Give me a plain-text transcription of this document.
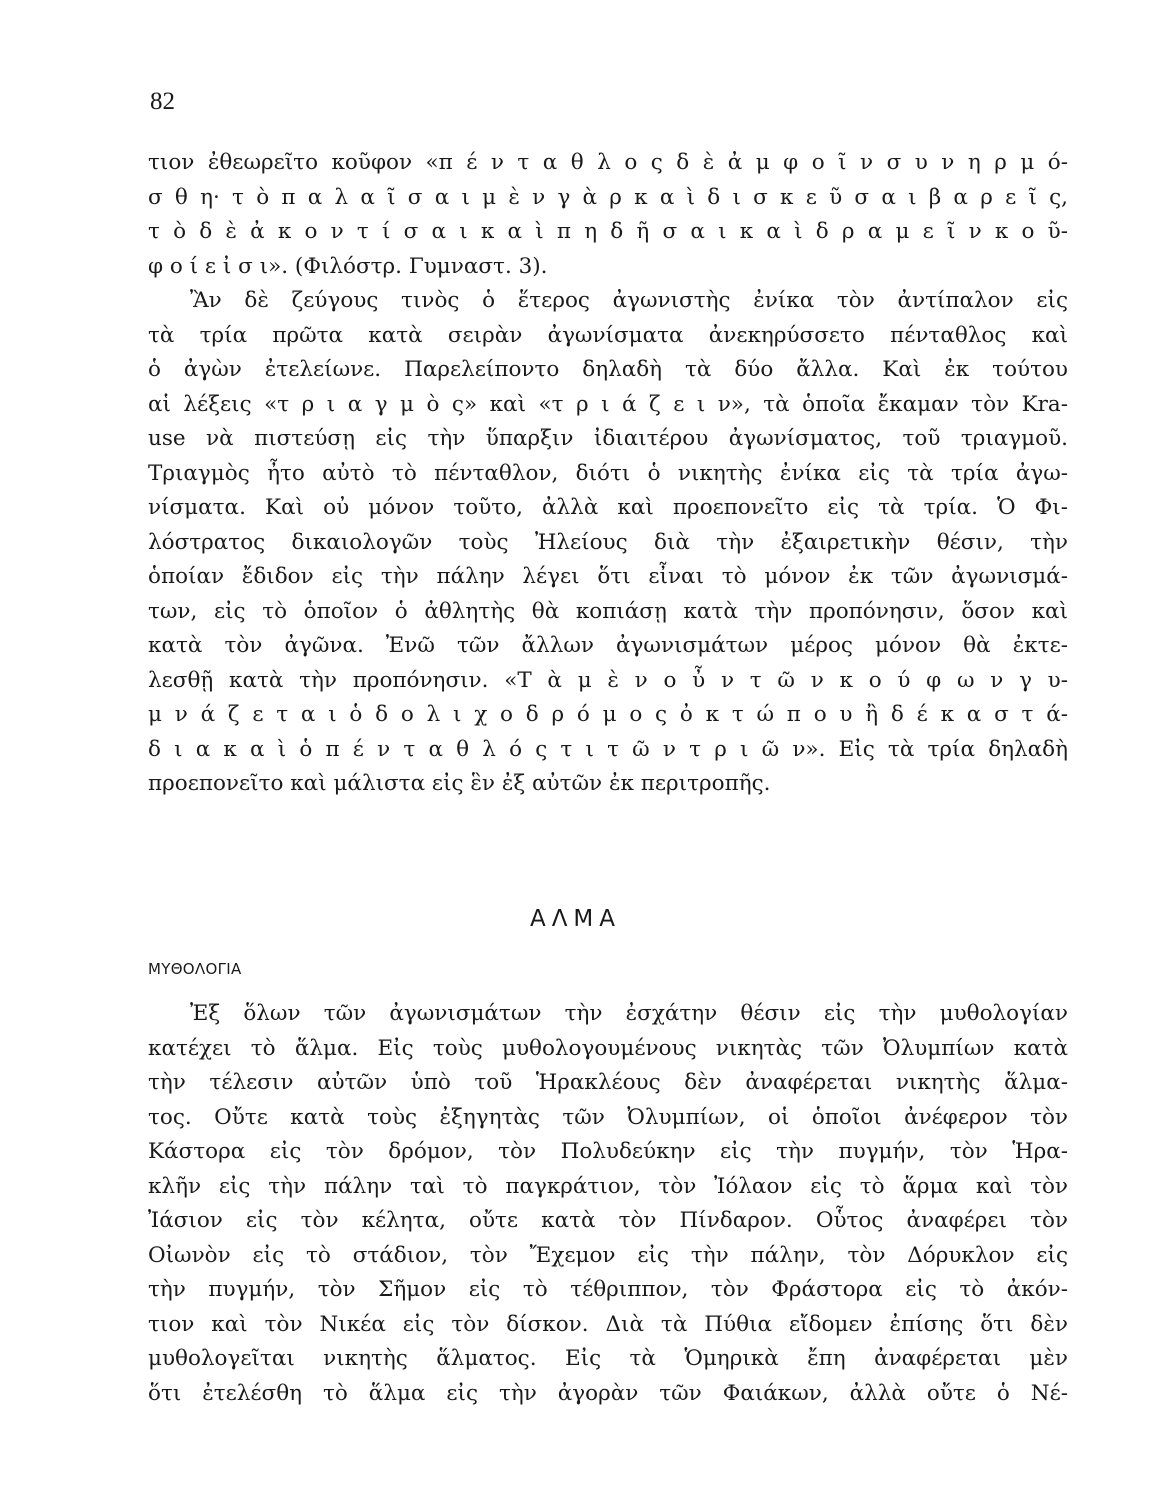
82
τιον ἐθεωρεῖτο κοῦφον «π έ ν τ α θ λ ο ς δ ὲ ἀ μ φ ο ῖ ν σ υ ν η ρ μ ό-
σ θ η· τ ὸ π α λ α ῖ σ α ι μ ὲ ν γ ὰ ρ κ α ὶ δ ι σ κ ε ῦ σ α ι β α ρ ε ῖ ς,
τ ὸ δ ὲ ἀ κ ο ν τ ί σ α ι κ α ὶ π η δ ῆ σ α ι κ α ὶ δ ρ α μ ε ῖ ν κ ο ῦ-
φ ο ί ε ἰ σ ι». (Φιλόστρ. Γυμναστ. 3).
Ἂν δὲ ζεύγους τινὸς ὁ ἕτερος ἀγωνιστὴς ἐνίκα τὸν ἀντίπαλον εἰς
τὰ τρία πρῶτα κατὰ σειρὰν ἀγωνίσματα ἀνεκηρύσσετο πένταθλος καὶ
ὁ ἀγὼν ἐτελείωνε. Παρελείποντο δηλαδὴ τὰ δύο ἄλλα. Καὶ ἐκ τούτου
αἱ λέξεις «τ ρ ι α γ μ ὸ ς» καὶ «τ ρ ι ά ζ ε ι ν», τὰ ὁποῖα ἔκαμαν τὸν Kra-
use νὰ πιστεύσῃ εἰς τὴν ὕπαρξιν ἰδιαιτέρου ἀγωνίσματος, τοῦ τριαγμοῦ.
Τριαγμὸς ἦτο αὐτὸ τὸ πένταθλον, διότι ὁ νικητὴς ἐνίκα εἰς τὰ τρία ἀγω-
νίσματα. Καὶ οὐ μόνον τοῦτο, ἀλλὰ καὶ προεπονεῖτο εἰς τὰ τρία. Ὁ Φι-
λόστρατος δικαιολογῶν τοὺς Ἠλείους διὰ τὴν ἐξαιρετικὴν θέσιν, τὴν
ὁποίαν ἔδιδον εἰς τὴν πάλην λέγει ὅτι εἶναι τὸ μόνον ἐκ τῶν ἀγωνισμά-
των, εἰς τὸ ὁποῖον ὁ ἀθλητὴς θὰ κοπιάσῃ κατὰ τὴν προπόνησιν, ὅσον καὶ
κατὰ τὸν ἀγῶνα. Ἐνῶ τῶν ἄλλων ἀγωνισμάτων μέρος μόνον θὰ ἐκτε-
λεσθῇ κατὰ τὴν προπόνησιν. «Τ ὰ μ ὲ ν ο ὖ ν τ ῶ ν κ ο ύ φ ω ν γ υ-
μ ν ά ζ ε τ α ι ὁ δ ο λ ι χ ο δ ρ ό μ ο ς ὀ κ τ ώ π ο υ ἢ δ έ κ α σ τ ά-
δ ι α κ α ὶ ὁ π έ ν τ α θ λ ό ς τ ι τ ῶ ν τ ρ ι ῶ ν». Εἰς τὰ τρία δηλαδὴ
προεπονεῖτο καὶ μάλιστα εἰς ἓν ἐξ αὐτῶν ἐκ περιτροπῆς.
ΑΛΜΑ
ΜΥΘΟΛΟΓΙΑ
Ἐξ ὅλων τῶν ἀγωνισμάτων τὴν ἐσχάτην θέσιν εἰς τὴν μυθολογίαν
κατέχει τὸ ἅλμα. Εἰς τοὺς μυθολογουμένους νικητὰς τῶν Ὀλυμπίων κατὰ
τὴν τέλεσιν αὐτῶν ὑπὸ τοῦ Ἡρακλέους δὲν ἀναφέρεται νικητὴς ἅλμα-
τος. Οὔτε κατὰ τοὺς ἐξηγητὰς τῶν Ὀλυμπίων, οἱ ὁποῖοι ἀνέφερον τὸν
Κάστορα εἰς τὸν δρόμον, τὸν Πολυδεύκην εἰς τὴν πυγμήν, τὸν Ἡρα-
κλῆν εἰς τὴν πάλην ταὶ τὸ παγκράτιον, τὸν Ἰόλαον εἰς τὸ ἅρμα καὶ τὸν
Ἰάσιον εἰς τὸν κέλητα, οὔτε κατὰ τὸν Πίνδαρον. Οὗτος ἀναφέρει τὸν
Οἰωνὸν εἰς τὸ στάδιον, τὸν Ἔχεμον εἰς τὴν πάλην, τὸν Δόρυκλον εἰς
τὴν πυγμήν, τὸν Σῆμον εἰς τὸ τέθριππον, τὸν Φράστορα εἰς τὸ ἀκόν-
τιον καὶ τὸν Νικέα εἰς τὸν δίσκον. Διὰ τὰ Πύθια εἴδομεν ἐπίσης ὅτι δὲν
μυθολογεῖται νικητὴς ἅλματος. Εἰς τὰ Ὁμηρικὰ ἔπη ἀναφέρεται μὲν
ὅτι ἐτελέσθη τὸ ἅλμα εἰς τὴν ἀγορὰν τῶν Φαιάκων, ἀλλὰ οὔτε ὁ Νέ-
